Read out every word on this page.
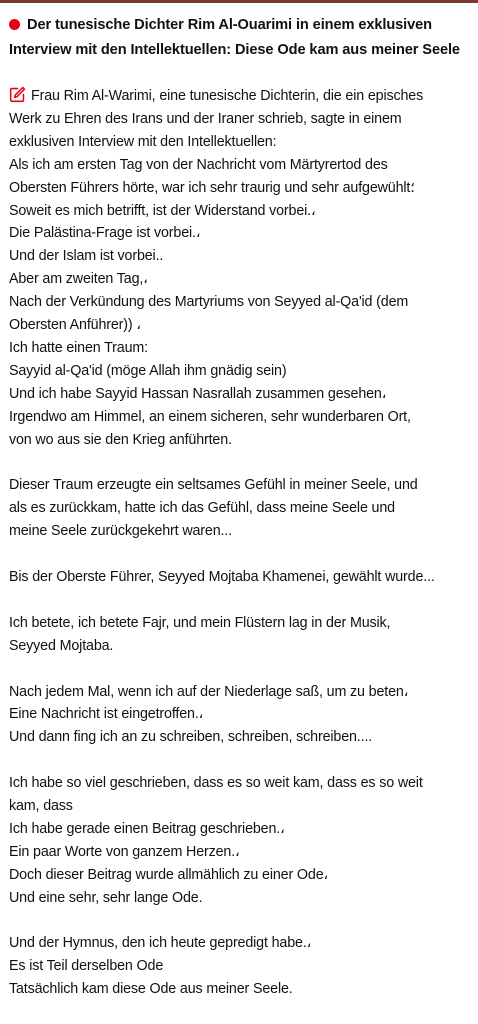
Der tunesische Dichter Rim Al-Ouarimi in einem exklusiven
Interview mit den Intellektuellen: Diese Ode kam aus meiner Seele
Frau Rim Al-Warimi, eine tunesische Dichterin, die ein episches
Werk zu Ehren des Irans und der Iraner schrieb, sagte in einem
exklusiven Interview mit den Intellektuellen:
Als ich am ersten Tag von der Nachricht vom Märtyrertod des
Obersten Führers hörte, war ich sehr traurig und sehr aufgewühlt؛
Soweit es mich betrifft, ist der Widerstand vorbei.،
Die Palästina-Frage ist vorbei.،
Und der Islam ist vorbei..
Aber am zweiten Tag,،
Nach der Verkündung des Martyriums von Seyyed al-Qa'id (dem
Obersten Anführer)) ،
Ich hatte einen Traum:
Sayyid al-Qa'id (möge Allah ihm gnädig sein)
Und ich habe Sayyid Hassan Nasrallah zusammen gesehen،
Irgendwo am Himmel, an einem sicheren, sehr wunderbaren Ort,
von wo aus sie den Krieg anführten.
Dieser Traum erzeugte ein seltsames Gefühl in meiner Seele, und
als es zurückkam, hatte ich das Gefühl, dass meine Seele und
meine Seele zurückgekehrt waren...
Bis der Oberste Führer, Seyyed Mojtaba Khamenei, gewählt wurde...
Ich betete, ich betete Fajr, und mein Flüstern lag in der Musik,
Seyyed Mojtaba.
Nach jedem Mal, wenn ich auf der Niederlage saß, um zu beten،
Eine Nachricht ist eingetroffen.،
Und dann fing ich an zu schreiben, schreiben, schreiben....
Ich habe so viel geschrieben, dass es so weit kam, dass es so weit
kam, dass
Ich habe gerade einen Beitrag geschrieben.،
Ein paar Worte von ganzem Herzen.،
Doch dieser Beitrag wurde allmählich zu einer Ode،
Und eine sehr, sehr lange Ode.
Und der Hymnus, den ich heute gepredigt habe.،
Es ist Teil derselben Ode
Tatsächlich kam diese Ode aus meiner Seele.
